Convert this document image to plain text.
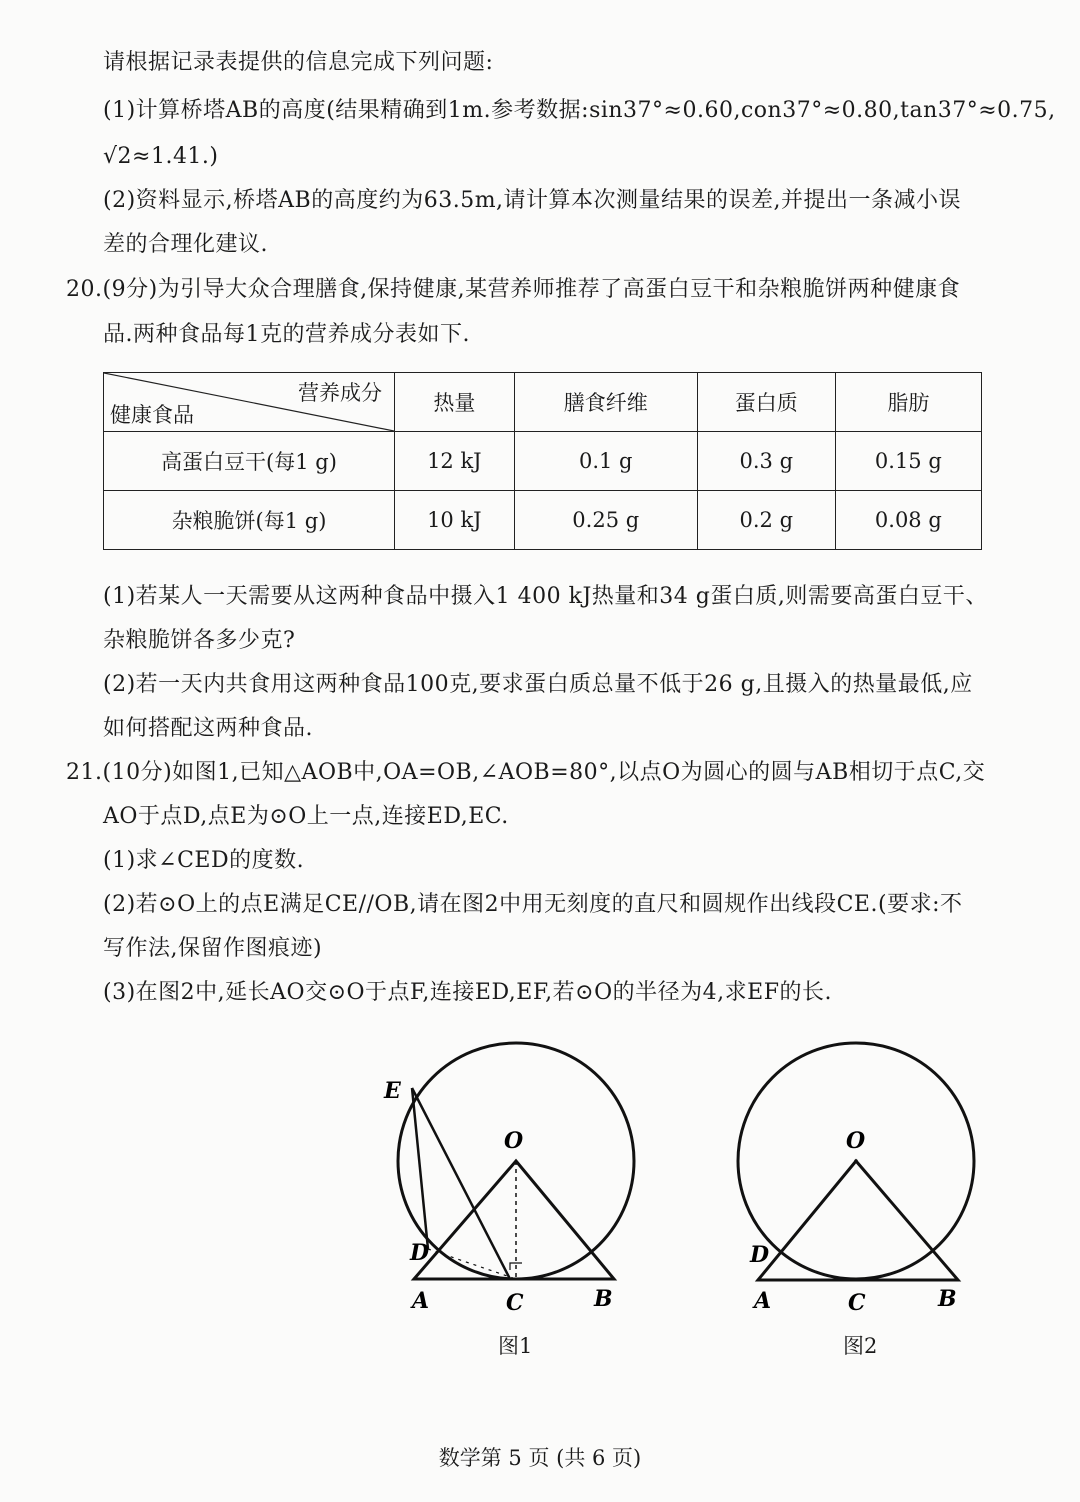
请根据记录表提供的信息完成下列问题:
(1)计算桥塔AB的高度(结果精确到1m.参考数据:sin37°≈0.60,con37°≈0.80,tan37°≈0.75,
√2≈1.41.)
(2)资料显示,桥塔AB的高度约为63.5m,请计算本次测量结果的误差,并提出一条减小误
差的合理化建议.
20.(9分)为引导大众合理膳食,保持健康,某营养师推荐了高蛋白豆干和杂粮脆饼两种健康食
品.两种食品每1克的营养成分表如下.
营养成分
健康食品	热量	膳食纤维	蛋白质	脂肪
高蛋白豆干(每1 g)	12 kJ	0.1 g	0.3 g	0.15 g
杂粮脆饼(每1 g)	10 kJ	0.25 g	0.2 g	0.08 g
(1)若某人一天需要从这两种食品中摄入1 400 kJ热量和34 g蛋白质,则需要高蛋白豆干、
杂粮脆饼各多少克?
(2)若一天内共食用这两种食品100克,要求蛋白质总量不低于26 g,且摄入的热量最低,应
如何搭配这两种食品.
21.(10分)如图1,已知△AOB中,OA=OB,∠AOB=80°,以点O为圆心的圆与AB相切于点C,交
AO于点D,点E为⊙O上一点,连接ED,EC.
(1)求∠CED的度数.
(2)若⊙O上的点E满足CE//OB,请在图2中用无刻度的直尺和圆规作出线段CE.(要求:不
写作法,保留作图痕迹)
(3)在图2中,延长AO交⊙O于点F,连接ED,EF,若⊙O的半径为4,求EF的长.
E
O
D
A	C	B
图1
O
D
A	C	B
图2
数学第 5 页 (共 6 页)
